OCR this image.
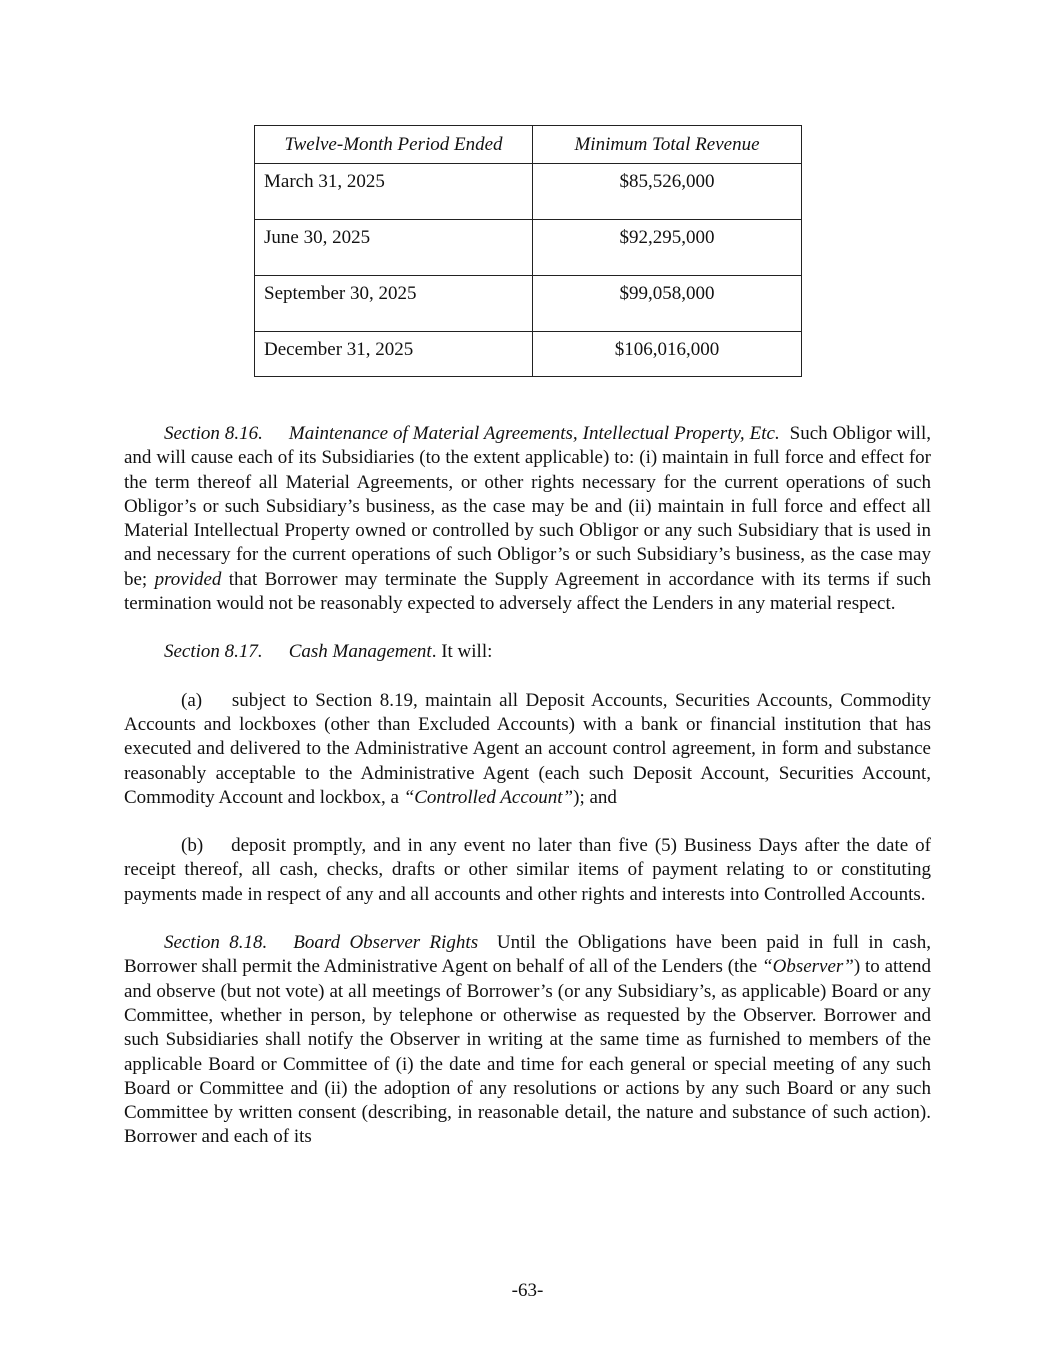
Twelve-Month Period Ended	Minimum Total Revenue
March 31, 2025	$85,526,000
June 30, 2025	$92,295,000
September 30, 2025	$99,058,000
December 31, 2025	$106,016,000

Section 8.16. Maintenance of Material Agreements, Intellectual Property, Etc. Such Obligor will, and will cause each of its Subsidiaries (to the extent applicable) to: (i) maintain in full force and effect for the term thereof all Material Agreements, or other rights necessary for the current operations of such Obligor’s or such Subsidiary’s business, as the case may be and (ii) maintain in full force and effect all Material Intellectual Property owned or controlled by such Obligor or any such Subsidiary that is used in and necessary for the current operations of such Obligor’s or such Subsidiary’s business, as the case may be; provided that Borrower may terminate the Supply Agreement in accordance with its terms if such termination would not be reasonably expected to adversely affect the Lenders in any material respect.

Section 8.17. Cash Management. It will:

(a) subject to Section 8.19, maintain all Deposit Accounts, Securities Accounts, Commodity Accounts and lockboxes (other than Excluded Accounts) with a bank or financial institution that has executed and delivered to the Administrative Agent an account control agreement, in form and substance reasonably acceptable to the Administrative Agent (each such Deposit Account, Securities Account, Commodity Account and lockbox, a “Controlled Account”); and

(b) deposit promptly, and in any event no later than five (5) Business Days after the date of receipt thereof, all cash, checks, drafts or other similar items of payment relating to or constituting payments made in respect of any and all accounts and other rights and interests into Controlled Accounts.

Section 8.18. Board Observer Rights Until the Obligations have been paid in full in cash, Borrower shall permit the Administrative Agent on behalf of all of the Lenders (the “Observer”) to attend and observe (but not vote) at all meetings of Borrower’s (or any Subsidiary’s, as applicable) Board or any Committee, whether in person, by telephone or otherwise as requested by the Observer. Borrower and such Subsidiaries shall notify the Observer in writing at the same time as furnished to members of the applicable Board or Committee of (i) the date and time for each general or special meeting of any such Board or Committee and (ii) the adoption of any resolutions or actions by any such Board or any such Committee by written consent (describing, in reasonable detail, the nature and substance of such action). Borrower and each of its

-63-
